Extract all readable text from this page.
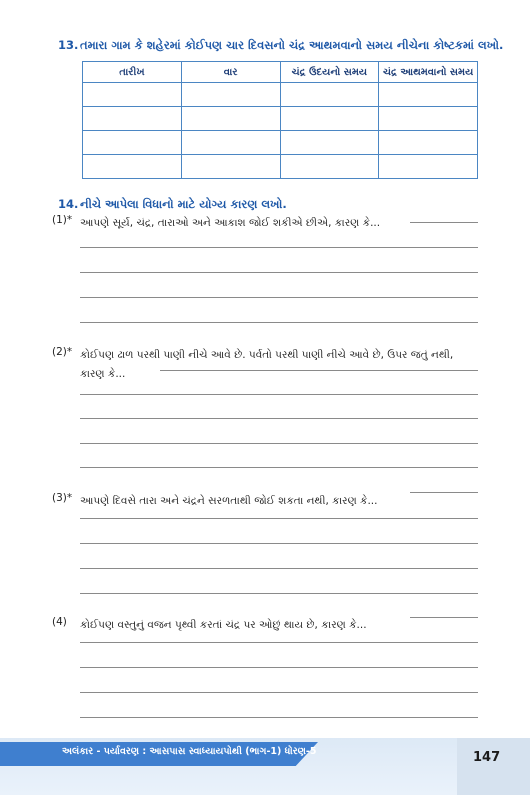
13. તમારા ગામ કે શહેરમાં કોઈપણ ચાર દિવસનો ચંદ્ર આથમવાનો સમય નીચેના કોષ્ટકમાં લખો.
તારીખ	વાર	ચંદ્ર ઉદયનો સમય	ચંદ્ર આથમવાનો સમય

14. નીચે આપેલા વિધાનો માટે યોગ્ય કારણ લખો.
(1)* આપણે સૂર્ય, ચંદ્ર, તારાઓ અને આકાશ જોઈ શકીએ છીએ, કારણ કે...
(2)* કોઈપણ ઢાળ પરથી પાણી નીચે આવે છે. પર્વતો પરથી પાણી નીચે આવે છે, ઉપર જતું નથી, કારણ કે...
(3)* આપણે દિવસે તારા અને ચંદ્રને સરળતાથી જોઈ શકતા નથી, કારણ કે...
(4)	કોઈપણ વસ્તુનું વજન પૃથ્વી કરતાં ચંદ્ર પર ઓછું થાય છે, કારણ કે...
અલંકાર - પર્યાવરણ : આસપાસ સ્વાધ્યાયપોથી (ભાગ-1) ધોરણ-5	147
